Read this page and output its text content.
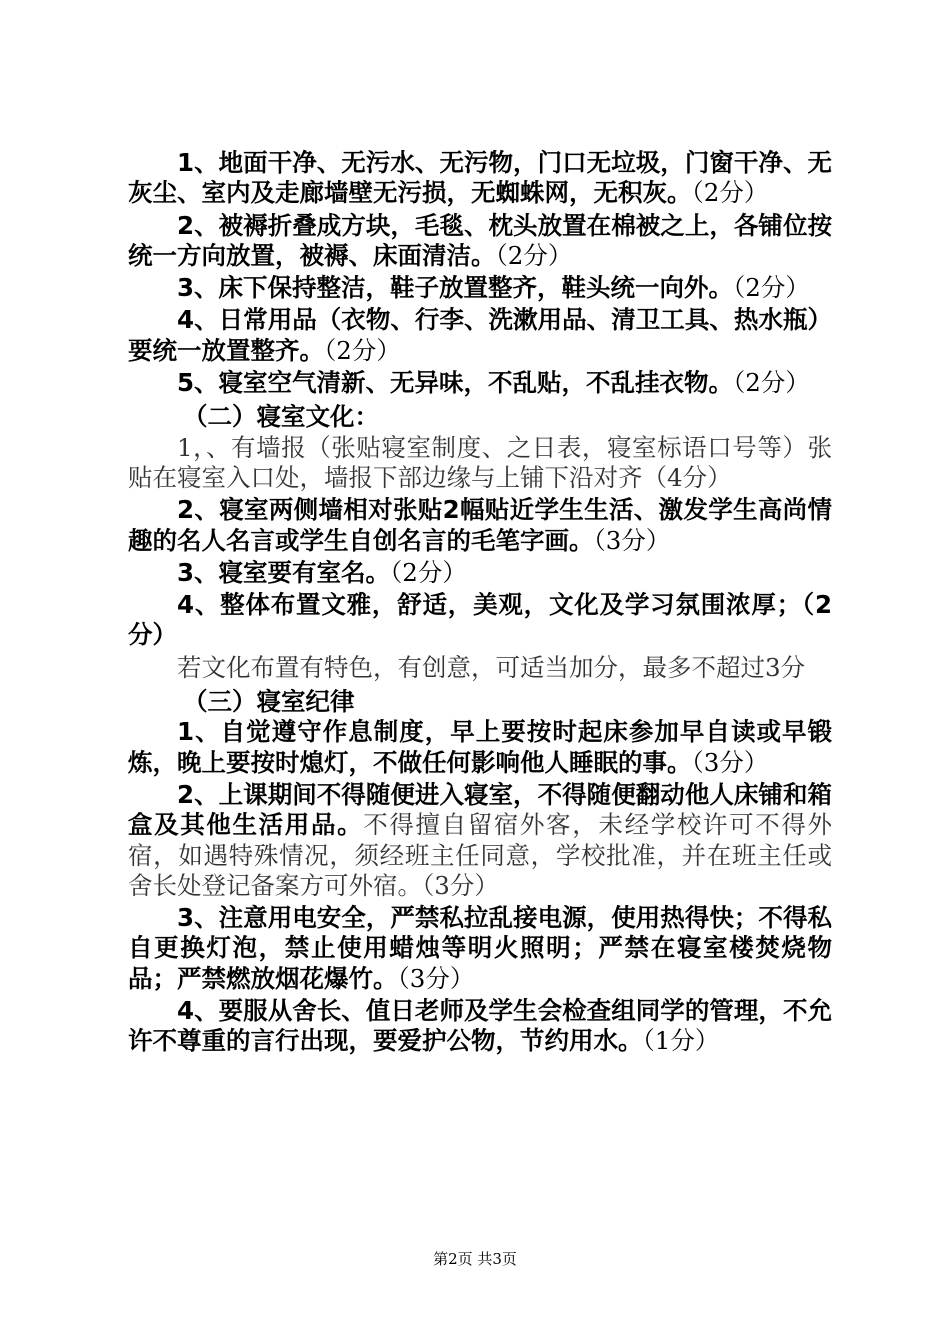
1、地面干净、无污水、无污物，门口无垃圾，门窗干净、无灰尘、室内及走廊墙壁无污损，无蜘蛛网，无积灰。（2分）

2、被褥折叠成方块，毛毯、枕头放置在棉被之上，各铺位按统一方向放置，被褥、床面清洁。（2分）

3、床下保持整洁，鞋子放置整齐，鞋头统一向外。（2分）

4、日常用品（衣物、行李、洗漱用品、清卫工具、热水瓶）要统一放置整齐。（2分）

5、寝室空气清新、无异味，不乱贴，不乱挂衣物。（2分）

（二）寝室文化：

1，、有墙报（张贴寝室制度、之日表，寝室标语口号等）张贴在寝室入口处，墙报下部边缘与上铺下沿对齐（4分）

2、寝室两侧墙相对张贴2幅贴近学生生活、激发学生高尚情趣的名人名言或学生自创名言的毛笔字画。（3分）

3、寝室要有室名。（2分）

4、整体布置文雅，舒适，美观，文化及学习氛围浓厚；（2分）

若文化布置有特色，有创意，可适当加分，最多不超过3分

（三）寝室纪律

1、自觉遵守作息制度，早上要按时起床参加早自读或早锻炼，晚上要按时熄灯，不做任何影响他人睡眠的事。（3分）

2、上课期间不得随便进入寝室，不得随便翻动他人床铺和箱盒及其他生活用品。不得擅自留宿外客，未经学校许可不得外宿，如遇特殊情况，须经班主任同意，学校批准，并在班主任或舍长处登记备案方可外宿。（3分）

3、注意用电安全，严禁私拉乱接电源，使用热得快；不得私自更换灯泡，禁止使用蜡烛等明火照明；严禁在寝室楼焚烧物品；严禁燃放烟花爆竹。（3分）

4、要服从舍长、值日老师及学生会检查组同学的管理，不允许不尊重的言行出现，要爱护公物，节约用水。（1分）

第2页 共3页
